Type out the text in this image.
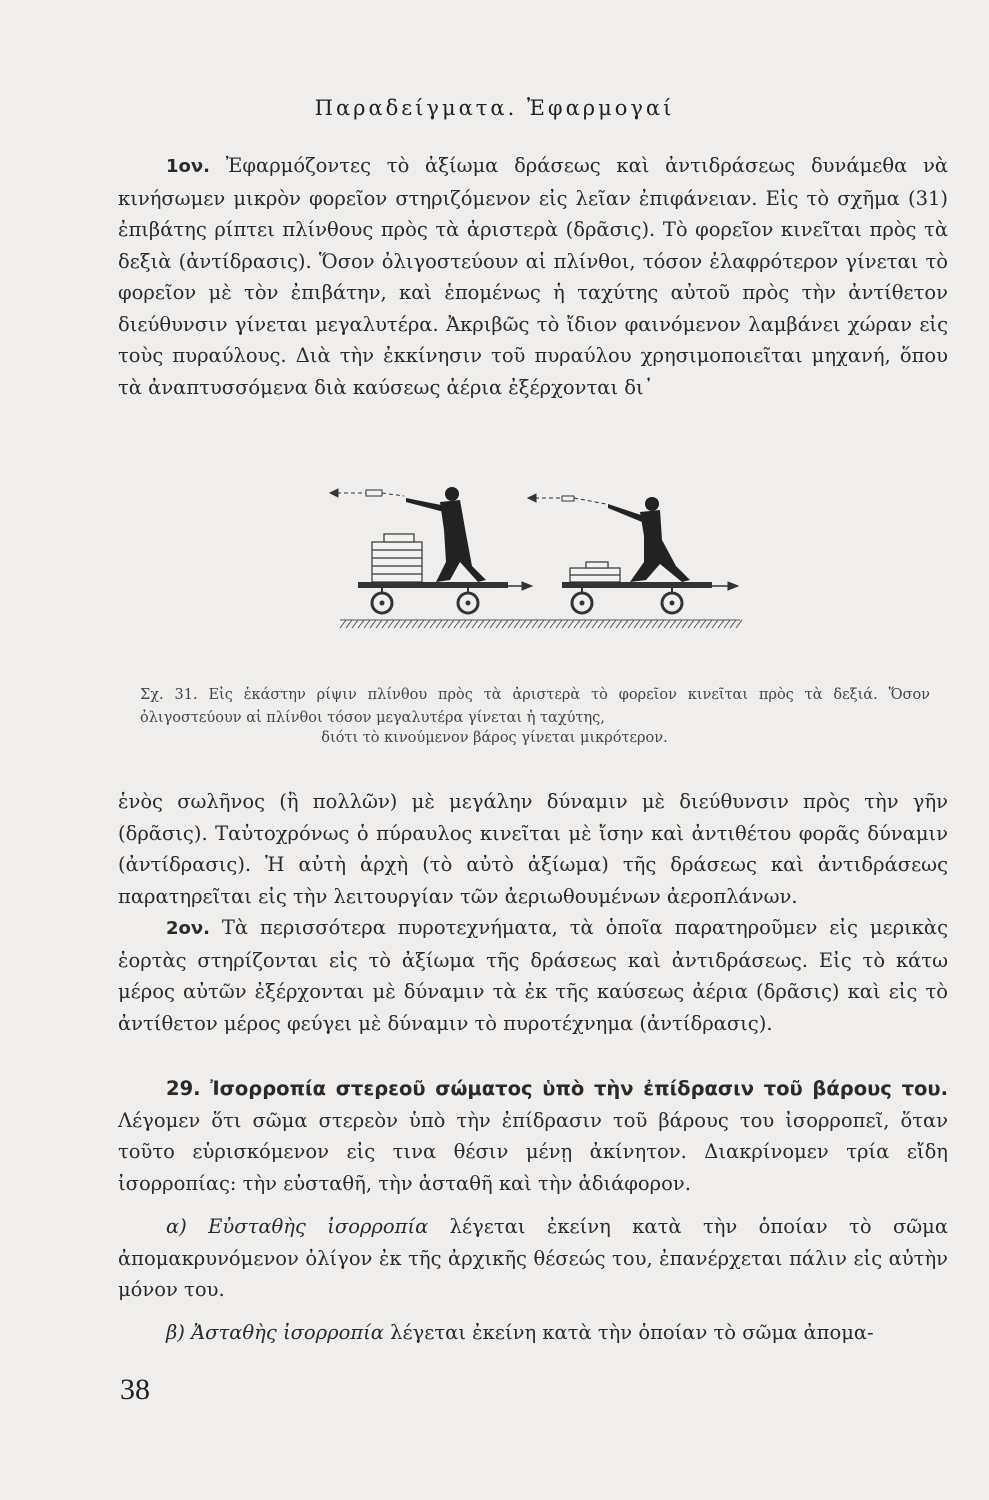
Παραδείγματα. Ἐφαρμογαί
1ον. Ἐφαρμόζοντες τὸ ἀξίωμα δράσεως καὶ ἀντιδράσεως δυνάμεθα νὰ κινήσωμεν μικρὸν φορεῖον στηριζόμενον εἰς λεῖαν ἐπιφάνειαν. Εἰς τὸ σχῆμα (31) ἐπιβάτης ρίπτει πλίνθους πρὸς τὰ ἀριστερὰ (δρᾶσις). Τὸ φορεῖον κινεῖται πρὸς τὰ δεξιὰ (ἀντίδρασις). Ὅσον ὀλιγοστεύουν αἱ πλίνθοι, τόσον ἐλαφρότερον γίνεται τὸ φορεῖον μὲ τὸν ἐπιβάτην, καὶ ἑπομένως ἡ ταχύτης αὐτοῦ πρὸς τὴν ἀντίθετον διεύθυνσιν γίνεται μεγαλυτέρα. Ἀκριβῶς τὸ ἴδιον φαινόμενον λαμβάνει χώραν εἰς τοὺς πυραύλους. Διὰ τὴν ἐκκίνησιν τοῦ πυραύλου χρησιμοποιεῖται μηχανή, ὅπου τὰ ἀναπτυσσόμενα διὰ καύσεως ἀέρια ἐξέρχονται δι᾽
Σχ. 31. Εἰς ἑκάστην ρίψιν πλίνθου πρὸς τὰ ἀριστερὰ τὸ φορεῖον κινεῖται πρὸς τὰ δεξιά. Ὅσον ὀλιγοστεύουν αἱ πλίνθοι τόσον μεγαλυτέρα γίνεται ἡ ταχύτης,
διότι τὸ κινούμενον βάρος γίνεται μικρότερον.
ἑνὸς σωλῆνος (ἢ πολλῶν) μὲ μεγάλην δύναμιν μὲ διεύθυνσιν πρὸς τὴν γῆν (δρᾶσις). Ταὐτοχρόνως ὁ πύραυλος κινεῖται μὲ ἴσην καὶ ἀντιθέτου φορᾶς δύναμιν (ἀντίδρασις). Ἡ αὐτὴ ἀρχὴ (τὸ αὐτὸ ἀξίωμα) τῆς δράσεως καὶ ἀντιδράσεως παρατηρεῖται εἰς τὴν λειτουργίαν τῶν ἀεριωθουμένων ἀεροπλάνων.
2ον. Τὰ περισσότερα πυροτεχνήματα, τὰ ὁποῖα παρατηροῦμεν εἰς μερικὰς ἑορτὰς στηρίζονται εἰς τὸ ἀξίωμα τῆς δράσεως καὶ ἀντιδράσεως. Εἰς τὸ κάτω μέρος αὐτῶν ἐξέρχονται μὲ δύναμιν τὰ ἐκ τῆς καύσεως ἀέρια (δρᾶσις) καὶ εἰς τὸ ἀντίθετον μέρος φεύγει μὲ δύναμιν τὸ πυροτέχνημα (ἀντίδρασις).
29. Ἰσορροπία στερεοῦ σώματος ὑπὸ τὴν ἐπίδρασιν τοῦ βάρους του. Λέγομεν ὅτι σῶμα στερεὸν ὑπὸ τὴν ἐπίδρασιν τοῦ βάρους του ἰσορροπεῖ, ὅταν τοῦτο εὑρισκόμενον εἰς τινα θέσιν μένῃ ἀκίνητον. Διακρίνομεν τρία εἴδη ἰσορροπίας: τὴν εὐσταθῆ, τὴν ἀσταθῆ καὶ τὴν ἀδιάφορον.
α) Εὐσταθὴς ἰσορροπία λέγεται ἐκείνη κατὰ τὴν ὁποίαν τὸ σῶμα ἀπομακρυνόμενον ὀλίγον ἐκ τῆς ἀρχικῆς θέσεώς του, ἐπανέρχεται πάλιν εἰς αὐτὴν μόνον του.
β) Ἀσταθὴς ἰσορροπία λέγεται ἐκείνη κατὰ τὴν ὁποίαν τὸ σῶμα ἀπομα-
38
